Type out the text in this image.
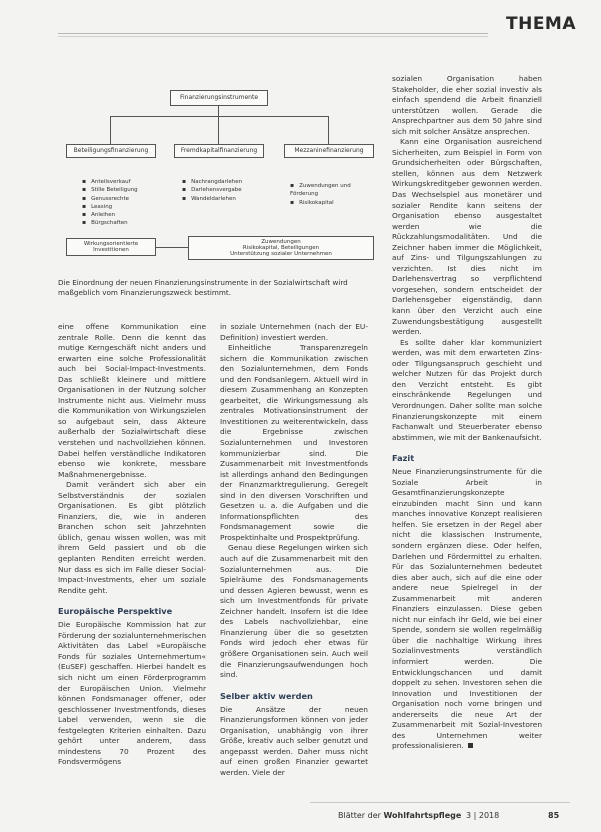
THEMA
Finanzierungsinstrumente
Beteiligungsfinanzierung	Fremdkapitalfinanzierung	Mezzaninefinanzierung
▪ Anteilsverkauf
▪ Stille Beteiligung
▪ Genussrechte
▪ Leasing
▪ Anleihen
▪ Bürgschaften
▪ Nachrangdarlehen
▪ Darlehensvergabe
▪ Wandeldarlehen
▪ Zuwendungen und Förderung
▪ Risikokapital
Wirkungsorientierte Investitionen
Zuwendungen
Risikokapital, Beteiligungen
Unterstützung sozialer Unternehmen
Die Einordnung der neuen Finanzierungsinstrumente in der Sozialwirtschaft wird maßgeblich vom Finanzierungszweck bestimmt.

eine offene Kommunikation eine zentrale Rolle. Denn die kennt das mutige Kerngeschäft nicht anders und erwarten eine solche Professionalität auch bei Social-Impact-Investments. Das schließt kleinere und mittlere Organisationen in der Nutzung solcher Instrumente nicht aus. Vielmehr muss die Kommunikation von Wirkungszielen so aufgebaut sein, dass Akteure außerhalb der Sozialwirtschaft diese verstehen und nachvollziehen können. Dabei helfen verständliche Indikatoren ebenso wie konkrete, messbare Maßnahmenergebnisse.

Damit verändert sich aber ein Selbstverständnis der sozialen Organisationen. Es gibt plötzlich Finanziers, die, wie in anderen Branchen schon seit Jahrzehnten üblich, genau wissen wollen, was mit ihrem Geld passiert und ob die geplanten Renditen erreicht werden. Nur dass es sich im Falle dieser Social-Impact-Investments, eher um soziale Rendite geht.

Europäische Perspektive

Die Europäische Kommission hat zur Förderung der sozialunternehmerischen Aktivitäten das Label »Europäische Fonds für soziales Unternehmertum« (EuSEF) geschaffen. Hierbei handelt es sich nicht um einen Förderprogramm der Europäischen Union. Vielmehr können Fondsmanager offener, oder geschlossener Investmentfonds, dieses Label verwenden, wenn sie die festgelegten Kriterien einhalten. Dazu gehört unter anderem, dass mindestens 70 Prozent des Fondsvermögens

in soziale Unternehmen (nach der EU-Definition) investiert werden.

Einheitliche Transparenzregeln sichern die Kommunikation zwischen den Sozialunternehmen, dem Fonds und den Fondsanlegern. Aktuell wird in diesem Zusammenhang an Konzepten gearbeitet, die Wirkungsmessung als zentrales Motivationsinstrument der Investitionen zu weiterentwickeln, dass die Ergebnisse zwischen Sozialunternehmen und Investoren kommunizierbar sind. Die Zusammenarbeit mit Investmentfonds ist allerdings anhand den Bedingungen der Finanzmarktregulierung. Geregelt sind in den diversen Vorschriften und Gesetzen u. a. die Aufgaben und die Informationspflichten des Fondsmanagement sowie die Prospektinhalte und Prospektprüfung.

Genau diese Regelungen wirken sich auch auf die Zusammenarbeit mit den Sozialunternehmen aus. Die Spielräume des Fondsmanagements und dessen Agieren bewusst, wenn es sich um Investmentfonds für private Zeichner handelt. Insofern ist die Idee des Labels nachvollziehbar, eine Finanzierung über die so gesetzten Fonds wird jedoch eher etwas für größere Organisationen sein. Auch weil die Finanzierungsaufwendungen hoch sind.

Selber aktiv werden

Die Ansätze der neuen Finanzierungsformen können von jeder Organisation, unabhängig von ihrer Größe, kreativ auch selber genutzt und angepasst werden. Daher muss nicht auf einen großen Finanzier gewartet werden. Viele der

sozialen Organisation haben Stakeholder, die eher sozial investiv als einfach spendend die Arbeit finanziell unterstützen wollen. Gerade die Ansprechpartner aus dem 50 Jahre sind sich mit solcher Ansätze ansprechen.

Kann eine Organisation ausreichend Sicherheiten, zum Beispiel in Form von Grundsicherheiten oder Bürgschaften, stellen, können aus dem Netzwerk Wirkungskreditgeber gewonnen werden. Das Wechselspiel aus monetärer und sozialer Rendite kann seitens der Organisation ebenso ausgestaltet werden wie die Rückzahlungsmodalitäten. Und die Zeichner haben immer die Möglichkeit, auf Zins- und Tilgungszahlungen zu verzichten. Ist dies nicht im Darlehensvertrag so verpflichtend vorgesehen, sondern entscheidet der Darlehensgeber eigenständig, dann kann über den Verzicht auch eine Zuwendungsbestätigung ausgestellt werden.

Es sollte daher klar kommuniziert werden, was mit dem erwarteten Zins- oder Tilgungsanspruch geschieht und welcher Nutzen für das Projekt durch den Verzicht entsteht. Es gibt einschränkende Regelungen und Verordnungen. Daher sollte man solche Finanzierungskonzepte mit einem Fachanwalt und Steuerberater ebenso abstimmen, wie mit der Bankenaufsicht.

Fazit

Neue Finanzierungsinstrumente für die Soziale Arbeit in Gesamtfinanzierungskonzepte einzubinden macht Sinn und kann manches innovative Konzept realisieren helfen. Sie ersetzen in der Regel aber nicht die klassischen Instrumente, sondern ergänzen diese. Oder helfen, Darlehen und Fördermittel zu erhalten. Für das Sozialunternehmen bedeutet dies aber auch, sich auf die eine oder andere neue Spielregel in der Zusammenarbeit mit anderen Finanziers einzulassen. Diese geben nicht nur einfach ihr Geld, wie bei einer Spende, sondern sie wollen regelmäßig über die nachhaltige Wirkung ihres Sozialinvestments verständlich informiert werden. Die Entwicklungschancen und damit doppelt zu sehen. Investoren sehen die Innovation und Investitionen der Organisation noch vorne bringen und andererseits die neue Art der Zusammenarbeit mit Sozial-Investoren des Unternehmen weiter professionalisieren.

Blätter der Wohlfahrtspflege 3 | 2018	85
